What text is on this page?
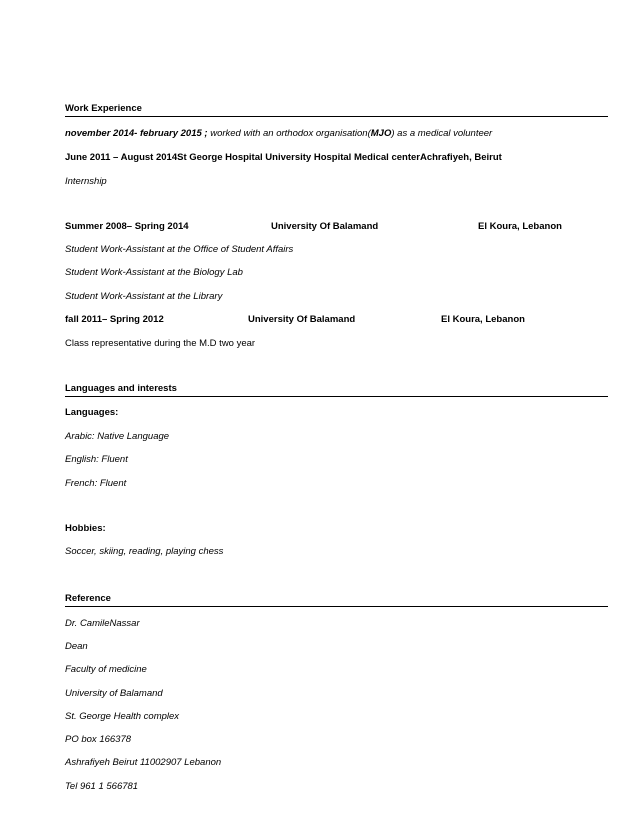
Work Experience
november 2014- february 2015 ; worked with an orthodox organisation(MJO) as a medical volunteer
June 2011 – August 2014St George Hospital University Hospital Medical centerAchrafiyeh, Beirut
Internship
Summer 2008– Spring 2014	University Of Balamand	El Koura, Lebanon
Student Work-Assistant at the Office of Student Affairs
Student Work-Assistant at the Biology Lab
Student Work-Assistant at the Library
fall 2011– Spring 2012	University Of Balamand	El Koura, Lebanon
Class representative during the M.D two year
Languages and interests
Languages:
Arabic: Native Language
English: Fluent
French: Fluent
Hobbies:
Soccer, skiing, reading, playing chess
Reference
Dr. CamileNassar
Dean
Faculty of medicine
University of Balamand
St. George Health complex
PO box 166378
Ashrafiyeh Beirut 11002907 Lebanon
Tel 961 1 566781
